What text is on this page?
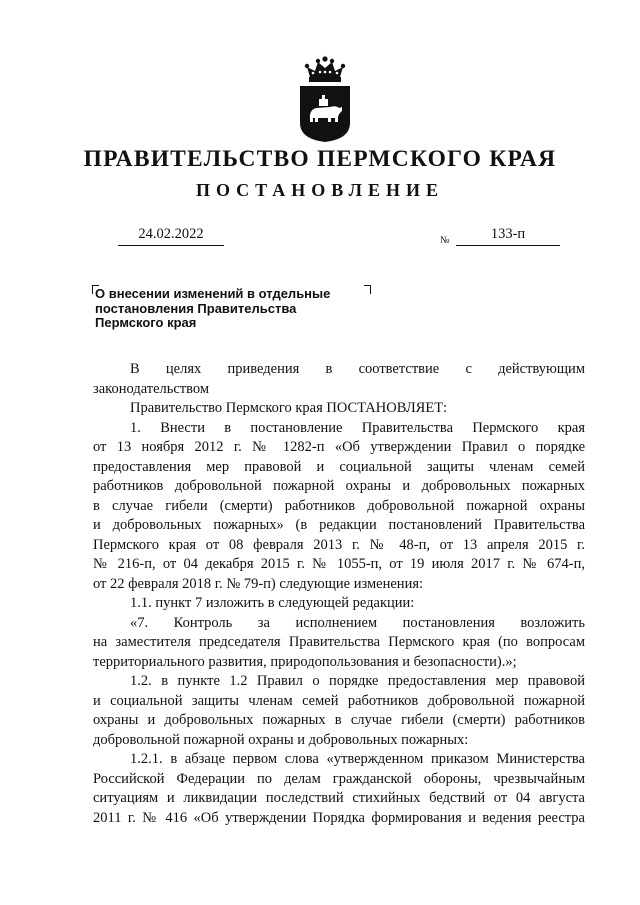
ПРАВИТЕЛЬСТВО ПЕРМСКОГО КРАЯ
ПОСТАНОВЛЕНИЕ
24.02.2022	№	133-п
О внесении изменений в отдельные
постановления Правительства
Пермского края

В целях приведения в соответствие с действующим

законодательством

Правительство Пермского края ПОСТАНОВЛЯЕТ:

1. Внести в постановление Правительства Пермского края

от 13 ноября 2012 г. № 1282-п «Об утверждении Правил о порядке

предоставления мер правовой и социальной защиты членам семей

работников добровольной пожарной охраны и добровольных пожарных

в случае гибели (смерти) работников добровольной пожарной охраны

и добровольных пожарных» (в редакции постановлений Правительства

Пермского края от 08 февраля 2013 г. № 48-п, от 13 апреля 2015 г.

№ 216-п, от 04 декабря 2015 г. № 1055-п, от 19 июля 2017 г. № 674-п,

от 22 февраля 2018 г. № 79-п) следующие изменения:

1.1. пункт 7 изложить в следующей редакции:

«7. Контроль за исполнением постановления возложить

на заместителя председателя Правительства Пермского края (по вопросам

территориального развития, природопользования и безопасности).»;

1.2. в пункте 1.2 Правил о порядке предоставления мер правовой

и социальной защиты членам семей работников добровольной пожарной

охраны и добровольных пожарных в случае гибели (смерти) работников

добровольной пожарной охраны и добровольных пожарных:

1.2.1. в абзаце первом слова «утвержденном приказом Министерства

Российской Федерации по делам гражданской обороны, чрезвычайным

ситуациям и ликвидации последствий стихийных бедствий от 04 августа

2011 г. № 416 «Об утверждении Порядка формирования и ведения реестра
